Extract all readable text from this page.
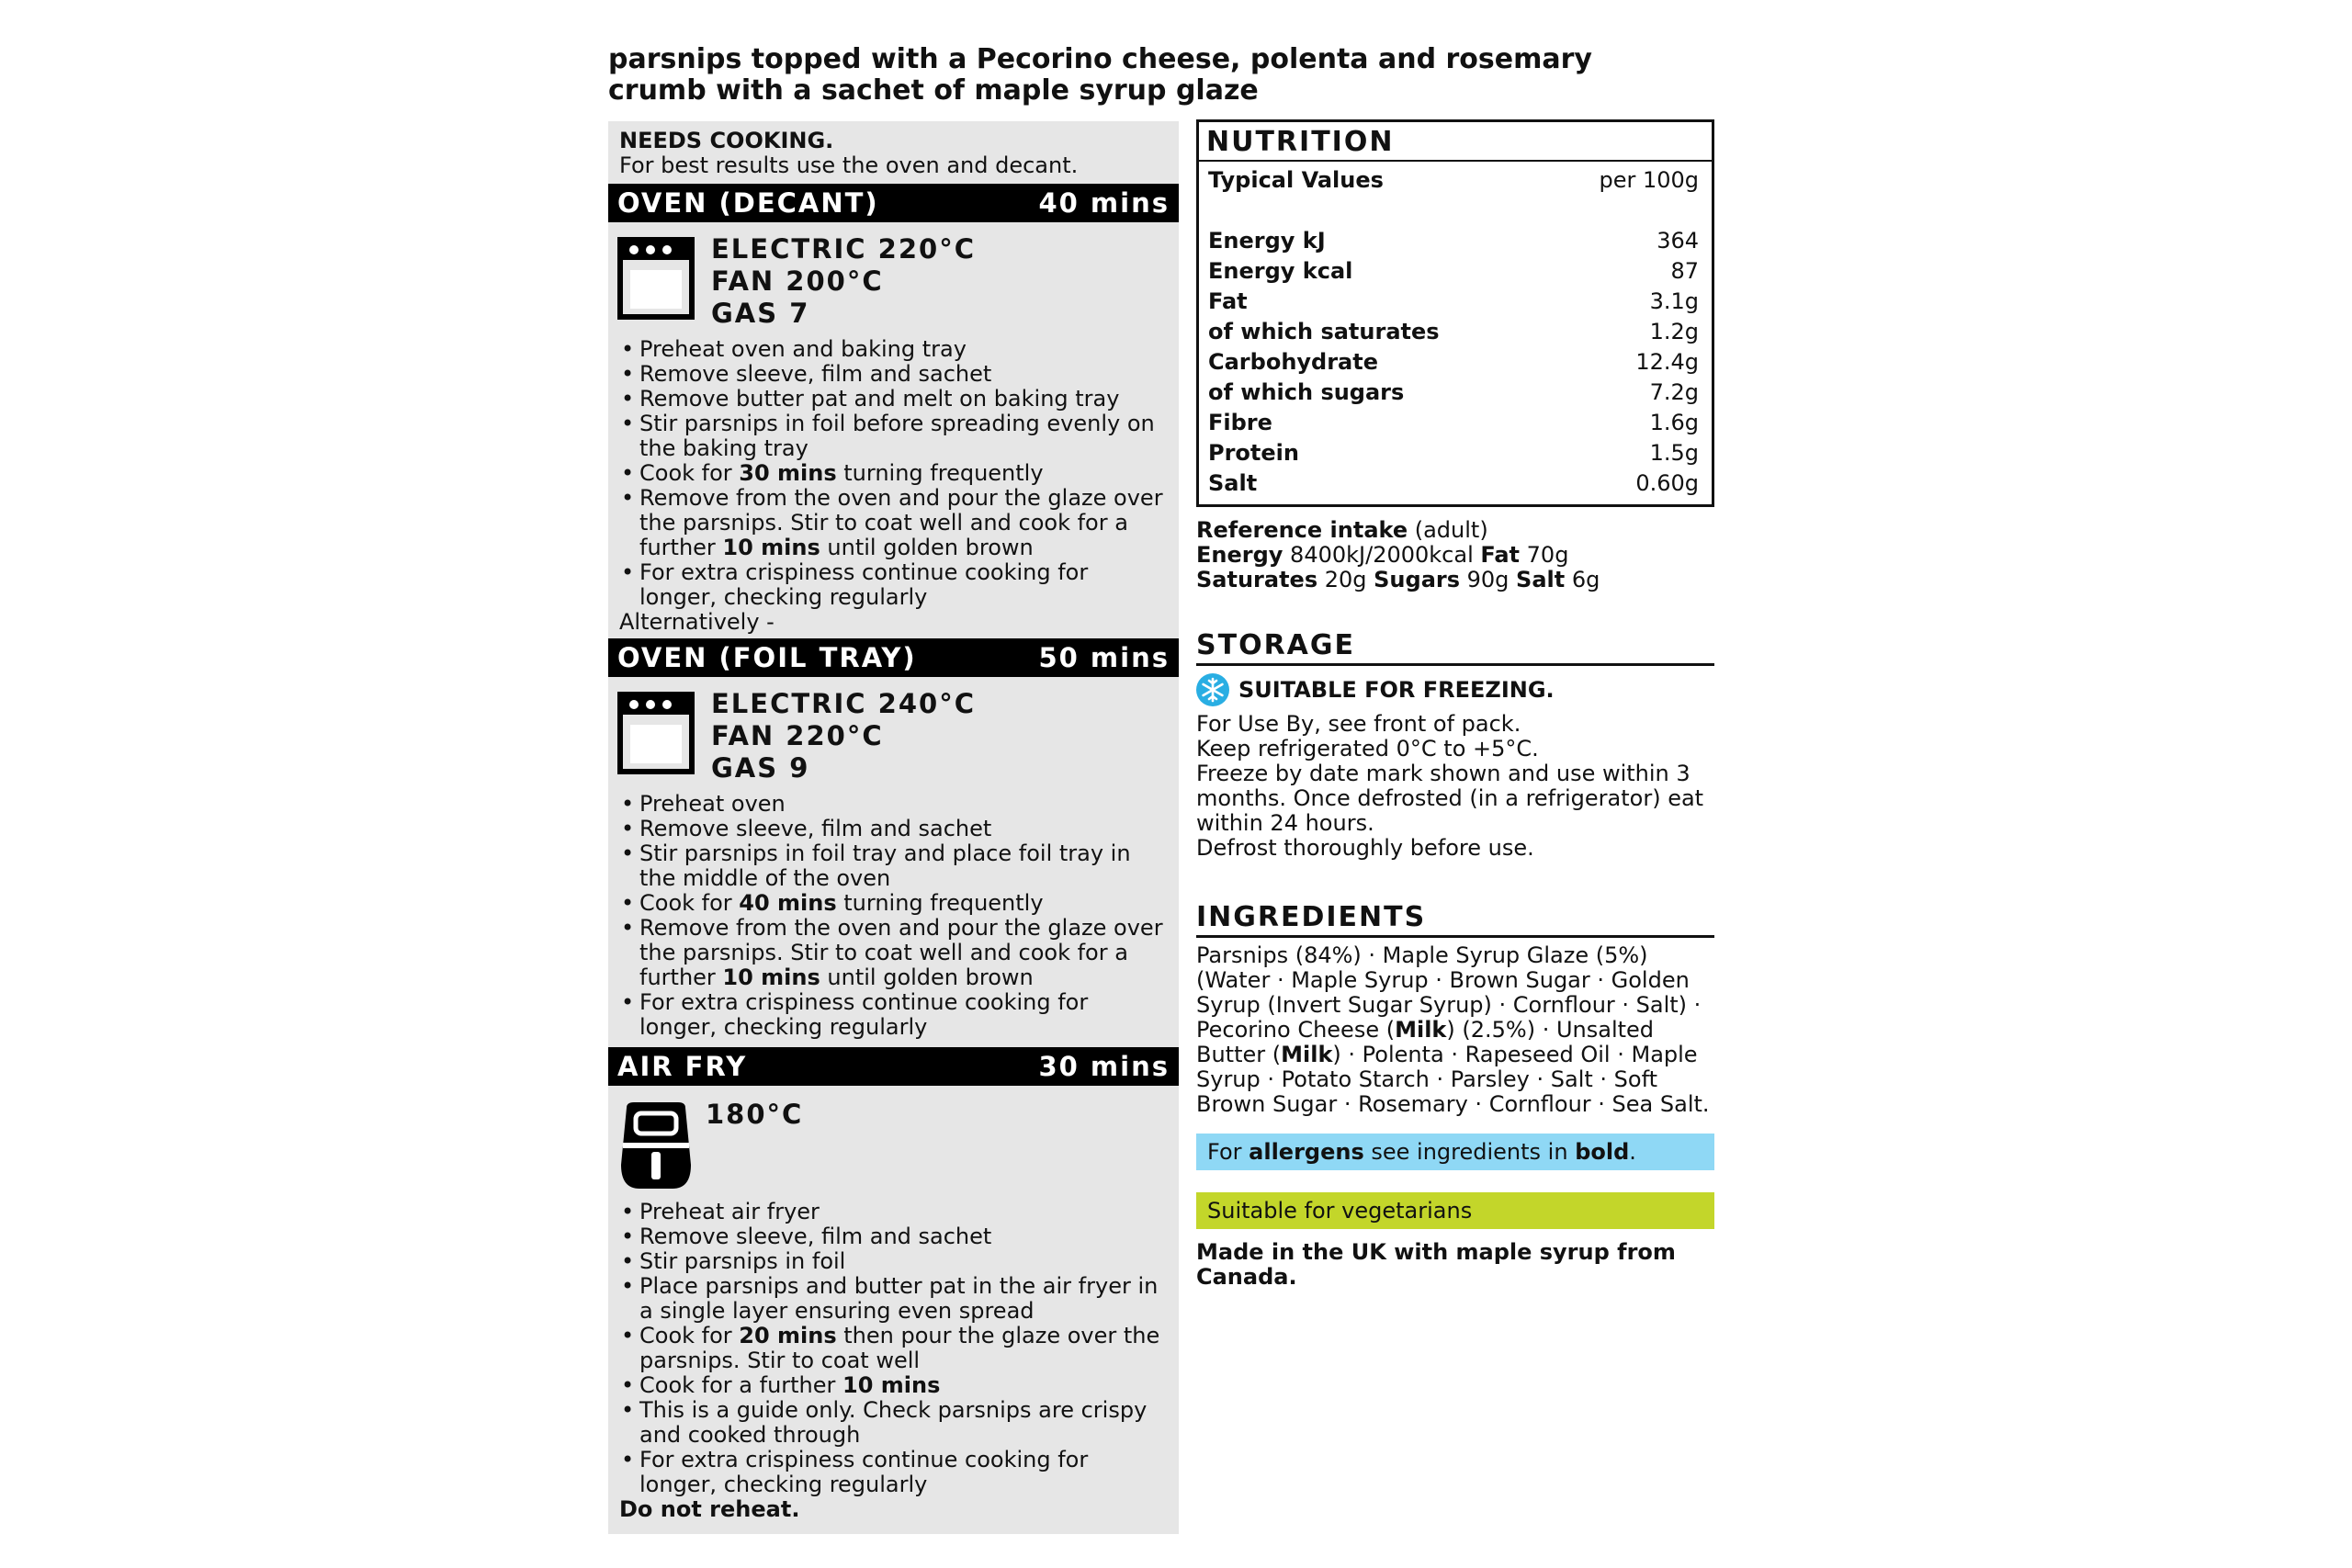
parsnips topped with a Pecorino cheese, polenta and rosemary crumb with a sachet of maple syrup glaze
NEEDS COOKING.
For best results use the oven and decant.
OVEN (DECANT)	40 mins
ELECTRIC 220°C
FAN 200°C
GAS 7
• Preheat oven and baking tray
• Remove sleeve, film and sachet
• Remove butter pat and melt on baking tray
• Stir parsnips in foil before spreading evenly on the baking tray
• Cook for 30 mins turning frequently
• Remove from the oven and pour the glaze over the parsnips. Stir to coat well and cook for a further 10 mins until golden brown
• For extra crispiness continue cooking for longer, checking regularly
Alternatively -
OVEN (FOIL TRAY)	50 mins
ELECTRIC 240°C
FAN 220°C
GAS 9
• Preheat oven
• Remove sleeve, film and sachet
• Stir parsnips in foil tray and place foil tray in the middle of the oven
• Cook for 40 mins turning frequently
• Remove from the oven and pour the glaze over the parsnips. Stir to coat well and cook for a further 10 mins until golden brown
• For extra crispiness continue cooking for longer, checking regularly
AIR FRY	30 mins
180°C
• Preheat air fryer
• Remove sleeve, film and sachet
• Stir parsnips in foil
• Place parsnips and butter pat in the air fryer in a single layer ensuring even spread
• Cook for 20 mins then pour the glaze over the parsnips. Stir to coat well
• Cook for a further 10 mins
• This is a guide only. Check parsnips are crispy and cooked through
• For extra crispiness continue cooking for longer, checking regularly
Do not reheat.
NUTRITION
Typical Values	per 100g
Energy kJ	364
Energy kcal	87
Fat	3.1g
of which saturates	1.2g
Carbohydrate	12.4g
of which sugars	7.2g
Fibre	1.6g
Protein	1.5g
Salt	0.60g
Reference intake (adult)
Energy 8400kJ/2000kcal Fat 70g
Saturates 20g Sugars 90g Salt 6g
STORAGE
SUITABLE FOR FREEZING.
For Use By, see front of pack.
Keep refrigerated 0°C to +5°C.
Freeze by date mark shown and use within 3 months. Once defrosted (in a refrigerator) eat within 24 hours.
Defrost thoroughly before use.
INGREDIENTS
Parsnips (84%) · Maple Syrup Glaze (5%) (Water · Maple Syrup · Brown Sugar · Golden Syrup (Invert Sugar Syrup) · Cornflour · Salt) · Pecorino Cheese (Milk) (2.5%) · Unsalted Butter (Milk) · Polenta · Rapeseed Oil · Maple Syrup · Potato Starch · Parsley · Salt · Soft Brown Sugar · Rosemary · Cornflour · Sea Salt.
For allergens see ingredients in bold.
Suitable for vegetarians
Made in the UK with maple syrup from Canada.
